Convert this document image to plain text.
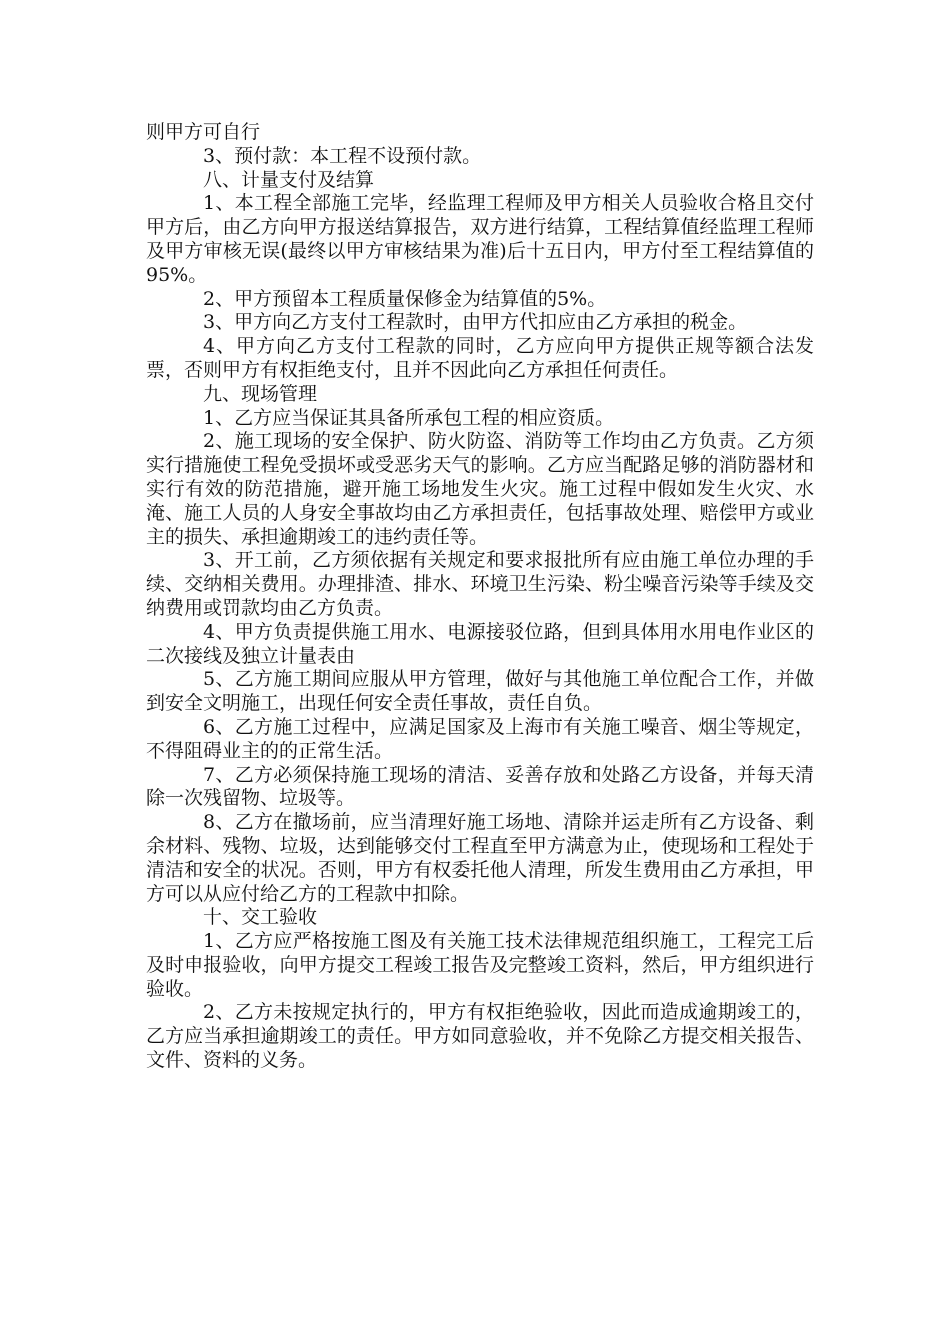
则甲方可自行

3、预付款：本工程不设预付款。

八、计量支付及结算

1、本工程全部施工完毕，经监理工程师及甲方相关人员验收合格且交付甲方后，由乙方向甲方报送结算报告，双方进行结算，工程结算值经监理工程师及甲方审核无误(最终以甲方审核结果为准)后十五日内，甲方付至工程结算值的95%。

2、甲方预留本工程质量保修金为结算值的5%。

3、甲方向乙方支付工程款时，由甲方代扣应由乙方承担的税金。

4、甲方向乙方支付工程款的同时，乙方应向甲方提供正规等额合法发票，否则甲方有权拒绝支付，且并不因此向乙方承担任何责任。

九、现场管理

1、乙方应当保证其具备所承包工程的相应资质。

2、施工现场的安全保护、防火防盗、消防等工作均由乙方负责。乙方须实行措施使工程免受损坏或受恶劣天气的影响。乙方应当配路足够的消防器材和实行有效的防范措施，避开施工场地发生火灾。施工过程中假如发生火灾、水淹、施工人员的人身安全事故均由乙方承担责任，包括事故处理、赔偿甲方或业主的损失、承担逾期竣工的违约责任等。

3、开工前，乙方须依据有关规定和要求报批所有应由施工单位办理的手续、交纳相关费用。办理排渣、排水、环境卫生污染、粉尘噪音污染等手续及交纳费用或罚款均由乙方负责。

4、甲方负责提供施工用水、电源接驳位路，但到具体用水用电作业区的二次接线及独立计量表由

5、乙方施工期间应服从甲方管理，做好与其他施工单位配合工作，并做到安全文明施工，出现任何安全责任事故，责任自负。

6、乙方施工过程中，应满足国家及上海市有关施工噪音、烟尘等规定，不得阻碍业主的的正常生活。

7、乙方必须保持施工现场的清洁、妥善存放和处路乙方设备，并每天清除一次残留物、垃圾等。

8、乙方在撤场前，应当清理好施工场地、清除并运走所有乙方设备、剩余材料、残物、垃圾，达到能够交付工程直至甲方满意为止，使现场和工程处于清洁和安全的状况。否则，甲方有权委托他人清理，所发生费用由乙方承担，甲方可以从应付给乙方的工程款中扣除。

十、交工验收

1、乙方应严格按施工图及有关施工技术法律规范组织施工，工程完工后及时申报验收，向甲方提交工程竣工报告及完整竣工资料，然后，甲方组织进行验收。

2、乙方未按规定执行的，甲方有权拒绝验收，因此而造成逾期竣工的，乙方应当承担逾期竣工的责任。甲方如同意验收，并不免除乙方提交相关报告、文件、资料的义务。
